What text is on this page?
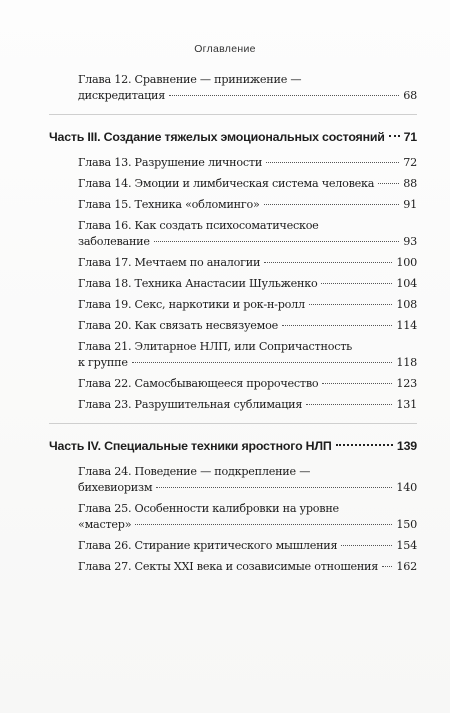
Оглавление
Глава 12. Сравнение — принижение —
дискредитация	68
Часть III. Создание тяжелых эмоциональных состояний 71
Глава 13. Разрушение личности	72
Глава 14. Эмоции и лимбическая система человека	88
Глава 15. Техника «обломинго»	91
Глава 16. Как создать психосоматическое
заболевание	93
Глава 17. Мечтаем по аналогии	100
Глава 18. Техника Анастасии Шульженко	104
Глава 19. Секс, наркотики и рок-н-ролл	108
Глава 20. Как связать несвязуемое	114
Глава 21. Элитарное НЛП, или Сопричастность
к группе	118
Глава 22. Самосбывающееся пророчество	123
Глава 23. Разрушительная сублимация	131
Часть IV. Специальные техники яростного НЛП	139
Глава 24. Поведение — подкрепление —
бихевиоризм	140
Глава 25. Особенности калибровки на уровне
«мастер»	150
Глава 26. Стирание критического мышления	154
Глава 27. Секты XXI века и созависимые отношения 162
